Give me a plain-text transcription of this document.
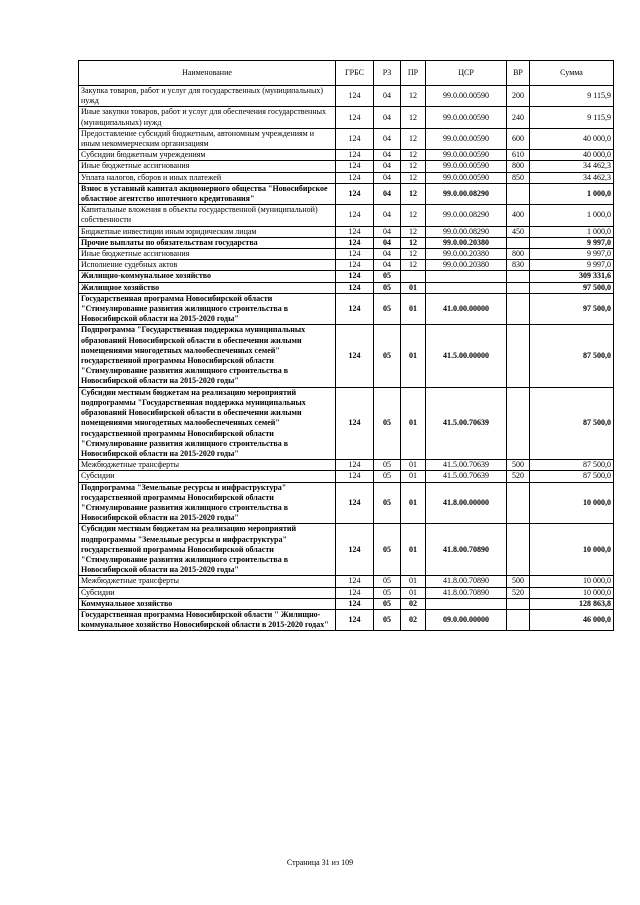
Наименование	ГРБС	РЗ	ПР	ЦСР	ВР	Сумма
Закупка товаров, работ и услуг для государственных (муниципальных) нужд	124	04	12	99.0.00.00590	200	9 115,9
Иные закупки товаров, работ и услуг для обеспечения государственных (муниципальных) нужд	124	04	12	99.0.00.00590	240	9 115,9
Предоставление субсидий бюджетным, автономным учреждениям и иным некоммерческим организациям	124	04	12	99.0.00.00590	600	40 000,0
Субсидии бюджетным учреждениям	124	04	12	99.0.00.00590	610	40 000,0
Иные бюджетные ассигнования	124	04	12	99.0.00.00590	800	34 462,3
Уплата налогов, сборов и иных платежей	124	04	12	99.0.00.00590	850	34 462,3
Взнос в уставный капитал акционерного общества "Новосибирское областное агентство ипотечного кредитования"	124	04	12	99.0.00.08290		1 000,0
Капитальные вложения в объекты государственной (муниципальной) собственности	124	04	12	99.0.00.08290	400	1 000,0
Бюджетные инвестиции иным юридическим лицам	124	04	12	99.0.00.08290	450	1 000,0
Прочие выплаты по обязательствам государства	124	04	12	99.0.00.20380		9 997,0
Иные бюджетные ассигнования	124	04	12	99.0.00.20380	800	9 997,0
Исполнение судебных актов	124	04	12	99.0.00.20380	830	9 997,0
Жилищно-коммунальное хозяйство	124	05				309 331,6
Жилищное хозяйство	124	05	01			97 500,0
Государственная программа Новосибирской области "Стимулирование развития жилищного строительства в Новосибирской области на 2015-2020 годы"	124	05	01	41.0.00.00000		97 500,0
Подпрограмма "Государственная поддержка муниципальных образований Новосибирской области в обеспечении жилыми помещениями многодетных малообеспеченных семей" государственной программы Новосибирской области "Стимулирование развития жилищного строительства в Новосибирской области на 2015-2020 годы"	124	05	01	41.5.00.00000		87 500,0
Субсидии местным бюджетам на реализацию мероприятий подпрограммы "Государственная поддержка муниципальных образований Новосибирской области в обеспечении жилыми помещениями многодетных малообеспеченных семей" государственной программы Новосибирской области "Стимулирование развития жилищного строительства в Новосибирской области на 2015-2020 годы"	124	05	01	41.5.00.70639		87 500,0
Межбюджетные трансферты	124	05	01	41.5.00.70639	500	87 500,0
Субсидии	124	05	01	41.5.00.70639	520	87 500,0
Подпрограмма "Земельные ресурсы и инфраструктура" государственной программы Новосибирской области "Стимулирование развития жилищного строительства в Новосибирской области на 2015-2020 годы"	124	05	01	41.8.00.00000		10 000,0
Субсидии местным бюджетам на реализацию мероприятий подпрограммы "Земельные ресурсы и инфраструктура" государственной программы Новосибирской области "Стимулирование развития жилищного строительства в Новосибирской области на 2015-2020 годы"	124	05	01	41.8.00.70890		10 000,0
Межбюджетные трансферты	124	05	01	41.8.00.70890	500	10 000,0
Субсидии	124	05	01	41.8.00.70890	520	10 000,0
Коммунальное хозяйство	124	05	02			128 863,8
Государственная программа Новосибирской области " Жилищно-коммунальное хозяйство Новосибирской области в 2015-2020 годах"	124	05	02	09.0.00.00000		46 000,0
Страница 31 из 109
